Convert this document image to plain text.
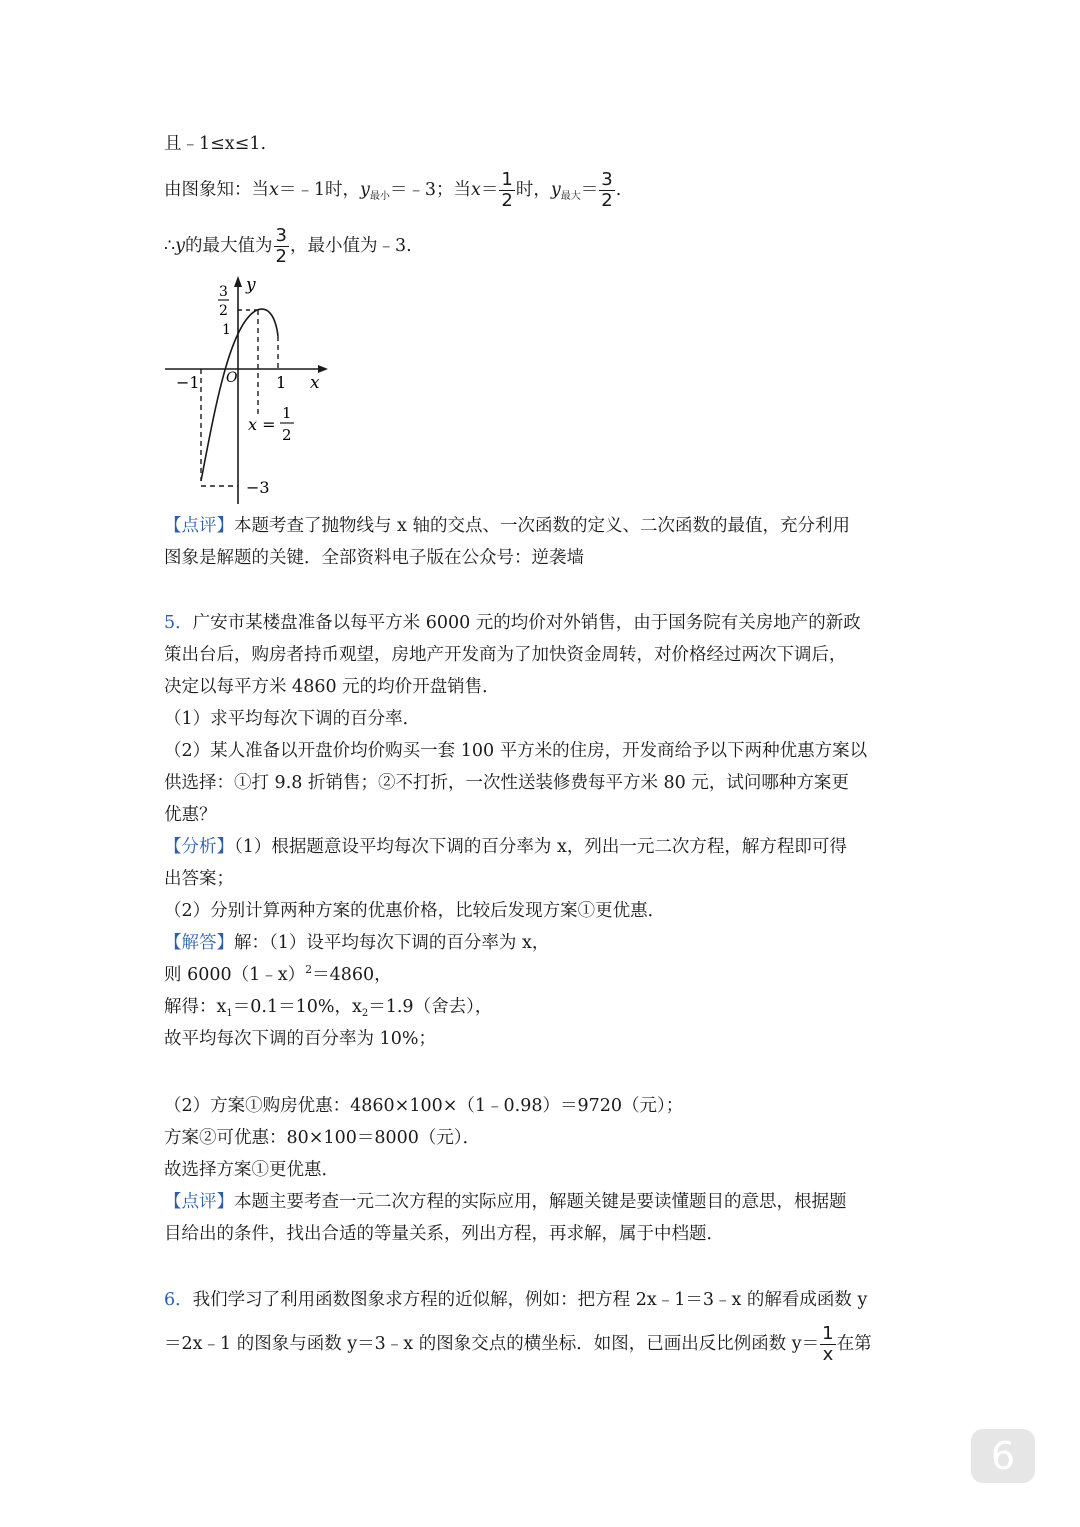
且﹣1≤x≤1.
由图象知：当x＝﹣1时，$y_{最小}=﹣3$；当$x= \frac{1}{2}$ 时，$y_{最大}= \frac{3}{2}$ .
∴y的最大值为 $\frac{3}{2}$ ，最小值为﹣3.
y
x
O
3
2
1
−3
−1	1
x =
1
2
【点评】本题考查了抛物线与 x 轴的交点、一次函数的定义、二次函数的最值，充分利用
图象是解题的关键．全部资料电子版在公众号：逆袭墙
5．广安市某楼盘准备以每平方米 6000 元的均价对外销售，由于国务院有关房地产的新政
策出台后，购房者持币观望，房地产开发商为了加快资金周转，对价格经过两次下调后，
决定以每平方米 4860 元的均价开盘销售．
（1）求平均每次下调的百分率．
（2）某人准备以开盘价均价购买一套 100 平方米的住房，开发商给予以下两种优惠方案以
供选择：①打 9.8 折销售；②不打折，一次性送装修费每平方米 80 元，试问哪种方案更
优惠？
【分析】（1）根据题意设平均每次下调的百分率为 x，列出一元二次方程，解方程即可得
出答案；
（2）分别计算两种方案的优惠价格，比较后发现方案①更优惠．
【解答】解：（1）设平均每次下调的百分率为 x，
则 6000（1﹣x）$^2$＝4860，
解得：$x_1=0.1=10\%$，$x_2=1.9$（舍去），
故平均每次下调的百分率为 10%；
（2）方案①购房优惠：4860×100×（1﹣0.98）＝9720（元）；
方案②可优惠：80×100＝8000（元）．
故选择方案①更优惠．
【点评】本题主要考查一元二次方程的实际应用，解题关键是要读懂题目的意思，根据题
目给出的条件，找出合适的等量关系，列出方程，再求解，属于中档题．
6．我们学习了利用函数图象求方程的近似解，例如：把方程 2x﹣1＝3﹣x 的解看成函数 y
＝2x﹣1 的图象与函数 y＝3﹣x 的图象交点的横坐标．如图，已画出反比例函数 $y= \frac{1}{x}$ 在第
6
